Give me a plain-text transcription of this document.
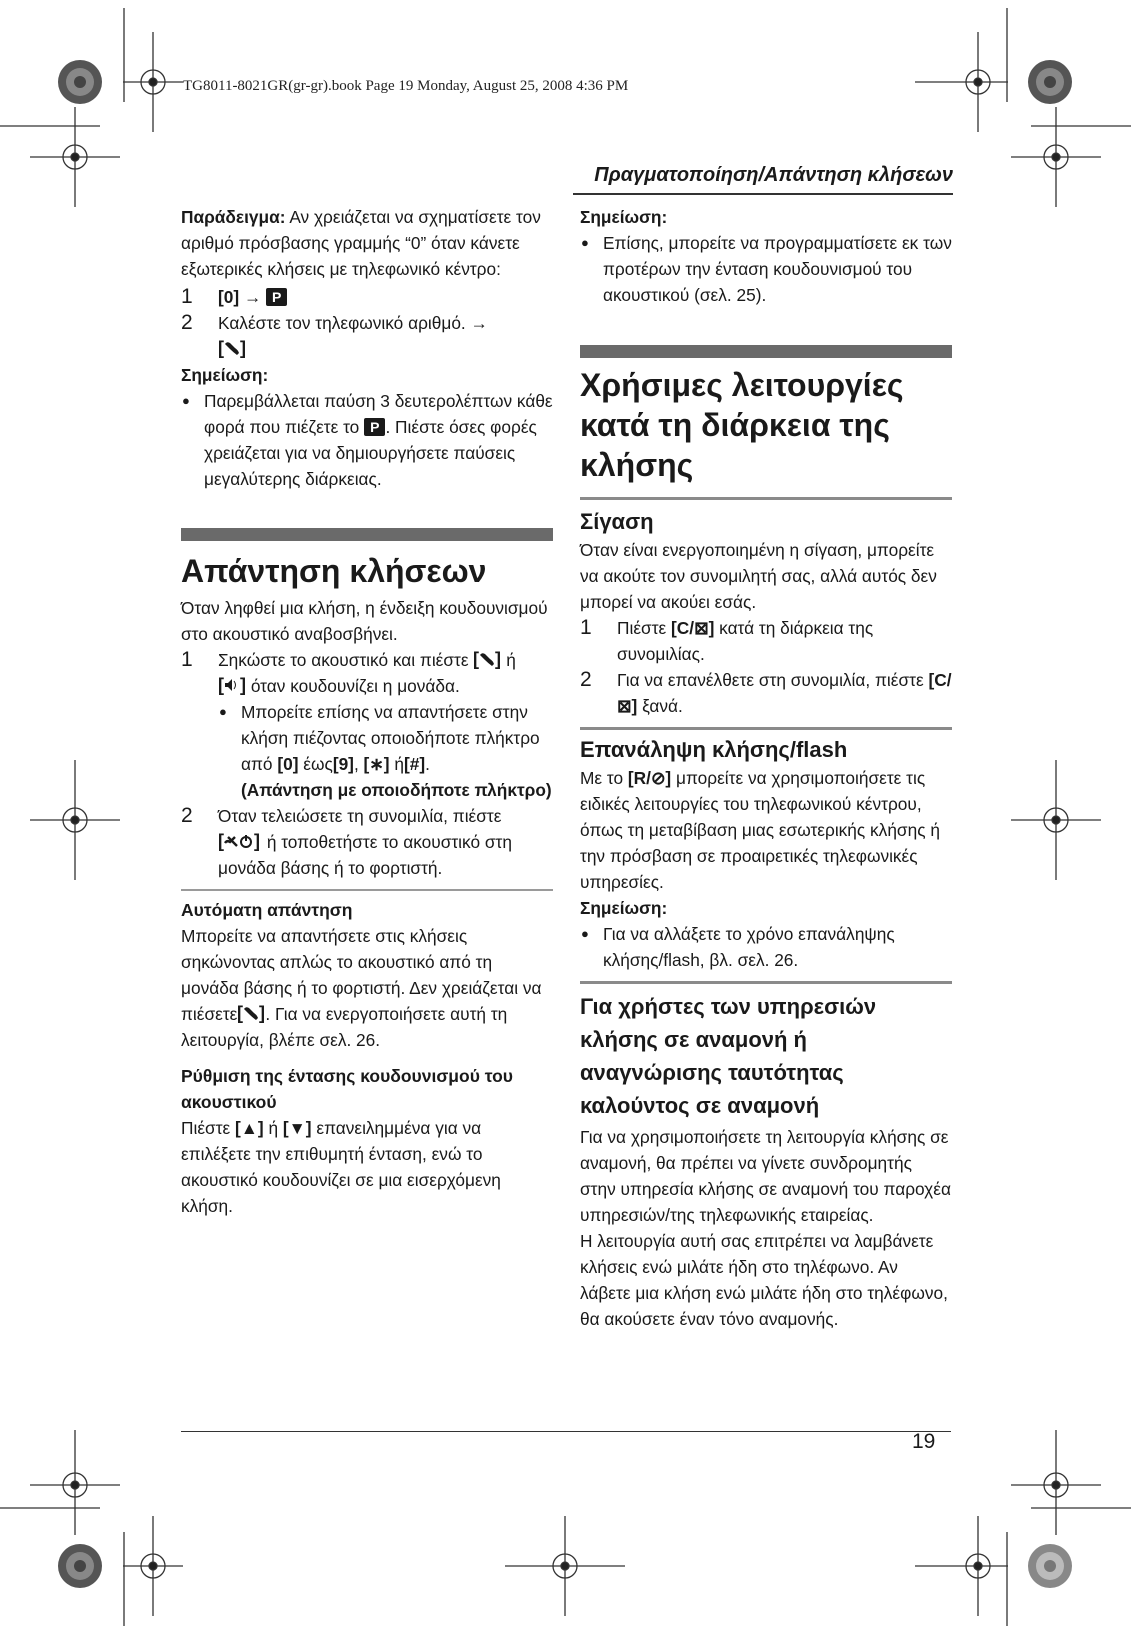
TG8011-8021GR(gr-gr).book Page 19 Monday, August 25, 2008 4:36 PM
Πραγματοποίηση/Απάντηση κλήσεων

Παράδειγμα: Αν χρειάζεται να σχηματίσετε τον αριθμό πρόσβασης γραμμής “0” όταν κάνετε εξωτερικές κλήσεις με τηλεφωνικό κέντρο:

1 [0] → P
2 Καλέστε τον τηλεφωνικό αριθμό. →

[ ]

Σημείωση:

● Παρεμβάλλεται παύση 3 δευτερολέπτων κάθε φορά που πιέζετε το P . Πιέστε όσες φορές χρειάζεται για να δημιουργήσετε παύσεις μεγαλύτερης διάρκειας.

Απάντηση κλήσεων

Όταν ληφθεί μια κλήση, η ένδειξη κουδουνισμού στο ακουστικό αναβοσβήνει.

1 Σηκώστε το ακουστικό και πιέστε [ ] ή

[ ] όταν κουδουνίζει η μονάδα.
● Μπορείτε επίσης να απαντήσετε στην κλήση πιέζοντας οποιοδήποτε πλήκτρο από [0] έως[9], [∗] ή[#].
(Απάντηση με οποιοδήποτε πλήκτρο)
2 Όταν τελειώσετε τη συνομιλία, πιέστε

[ ] ή τοποθετήστε το ακουστικό στη μονάδα βάσης ή το φορτιστή.

Αυτόματη απάντηση

Μπορείτε να απαντήσετε στις κλήσεις σηκώνοντας απλώς το ακουστικό από τη μονάδα βάσης ή το φορτιστή. Δεν χρειάζεται να πιέσετε [ ] . Για να ενεργοποιήσετε αυτή τη λειτουργία, βλέπε σελ. 26.

Ρύθμιση της έντασης κουδουνισμού του ακουστικού

Πιέστε [▲] ή [▼] επανειλημμένα για να επιλέξετε την επιθυμητή ένταση, ενώ το ακουστικό κουδουνίζει σε μια εισερχόμενη κλήση.

Σημείωση:

● Επίσης, μπορείτε να προγραμματίσετε εκ των προτέρων την ένταση κουδουνισμού του ακουστικού (σελ. 25).

Χρήσιμες λειτουργίες κατά τη διάρκεια της κλήσης

Σίγαση

Όταν είναι ενεργοποιημένη η σίγαση, μπορείτε να ακούτε τον συνομιλητή σας, αλλά αυτός δεν μπορεί να ακούει εσάς.

1 Πιέστε [C/⊠] κατά τη διάρκεια της συνομιλίας.
2 Για να επανέλθετε στη συνομιλία, πιέστε [C/⊠] ξανά.

Επανάληψη κλήσης/flash

Με το [R/⊘] μπορείτε να χρησιμοποιήσετε τις ειδικές λειτουργίες του τηλεφωνικού κέντρου, όπως τη μεταβίβαση μιας εσωτερικής κλήσης ή την πρόσβαση σε προαιρετικές τηλεφωνικές υπηρεσίες.

Σημείωση:

● Για να αλλάξετε το χρόνο επανάληψης κλήσης/flash, βλ. σελ. 26.

Για χρήστες των υπηρεσιών κλήσης σε αναμονή ή αναγνώρισης ταυτότητας καλούντος σε αναμονή

Για να χρησιμοποιήσετε τη λειτουργία κλήσης σε αναμονή, θα πρέπει να γίνετε συνδρομητής στην υπηρεσία κλήσης σε αναμονή του παροχέα υπηρεσιών/της τηλεφωνικής εταιρείας.

Η λειτουργία αυτή σας επιτρέπει να λαμβάνετε κλήσεις ενώ μιλάτε ήδη στο τηλέφωνο. Αν λάβετε μια κλήση ενώ μιλάτε ήδη στο τηλέφωνο, θα ακούσετε έναν τόνο αναμονής.

19
